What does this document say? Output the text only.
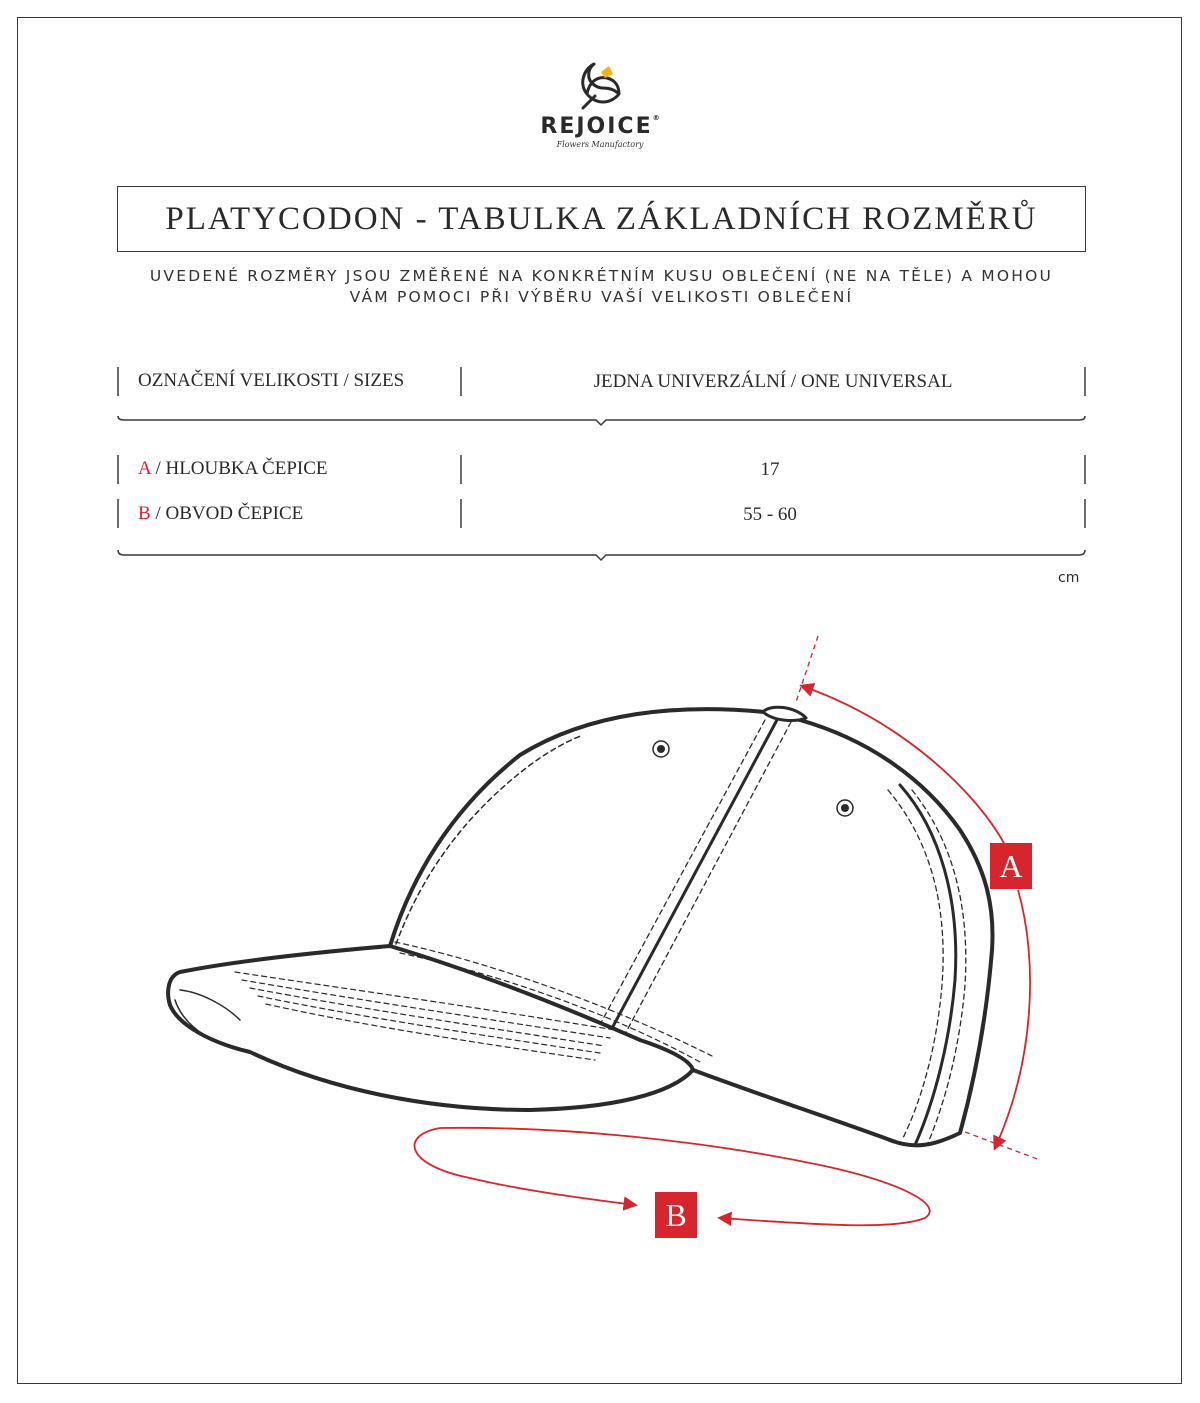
REJOICE®
Flowers Manufactory
PLATYCODON - TABULKA ZÁKLADNÍCH ROZMĚRŮ
UVEDENÉ ROZMĚRY JSOU ZMĚŘENÉ NA KONKRÉTNÍM KUSU OBLEČENÍ (NE NA TĚLE) A MOHOU
VÁM POMOCI PŘI VÝBĚRU VAŠÍ VELIKOSTI OBLEČENÍ
OZNAČENÍ VELIKOSTI / SIZES	JEDNA UNIVERZÁLNÍ / ONE UNIVERSAL
A / HLOUBKA ČEPICE	17
B / OBVOD ČEPICE	55 - 60
cm
A
B
